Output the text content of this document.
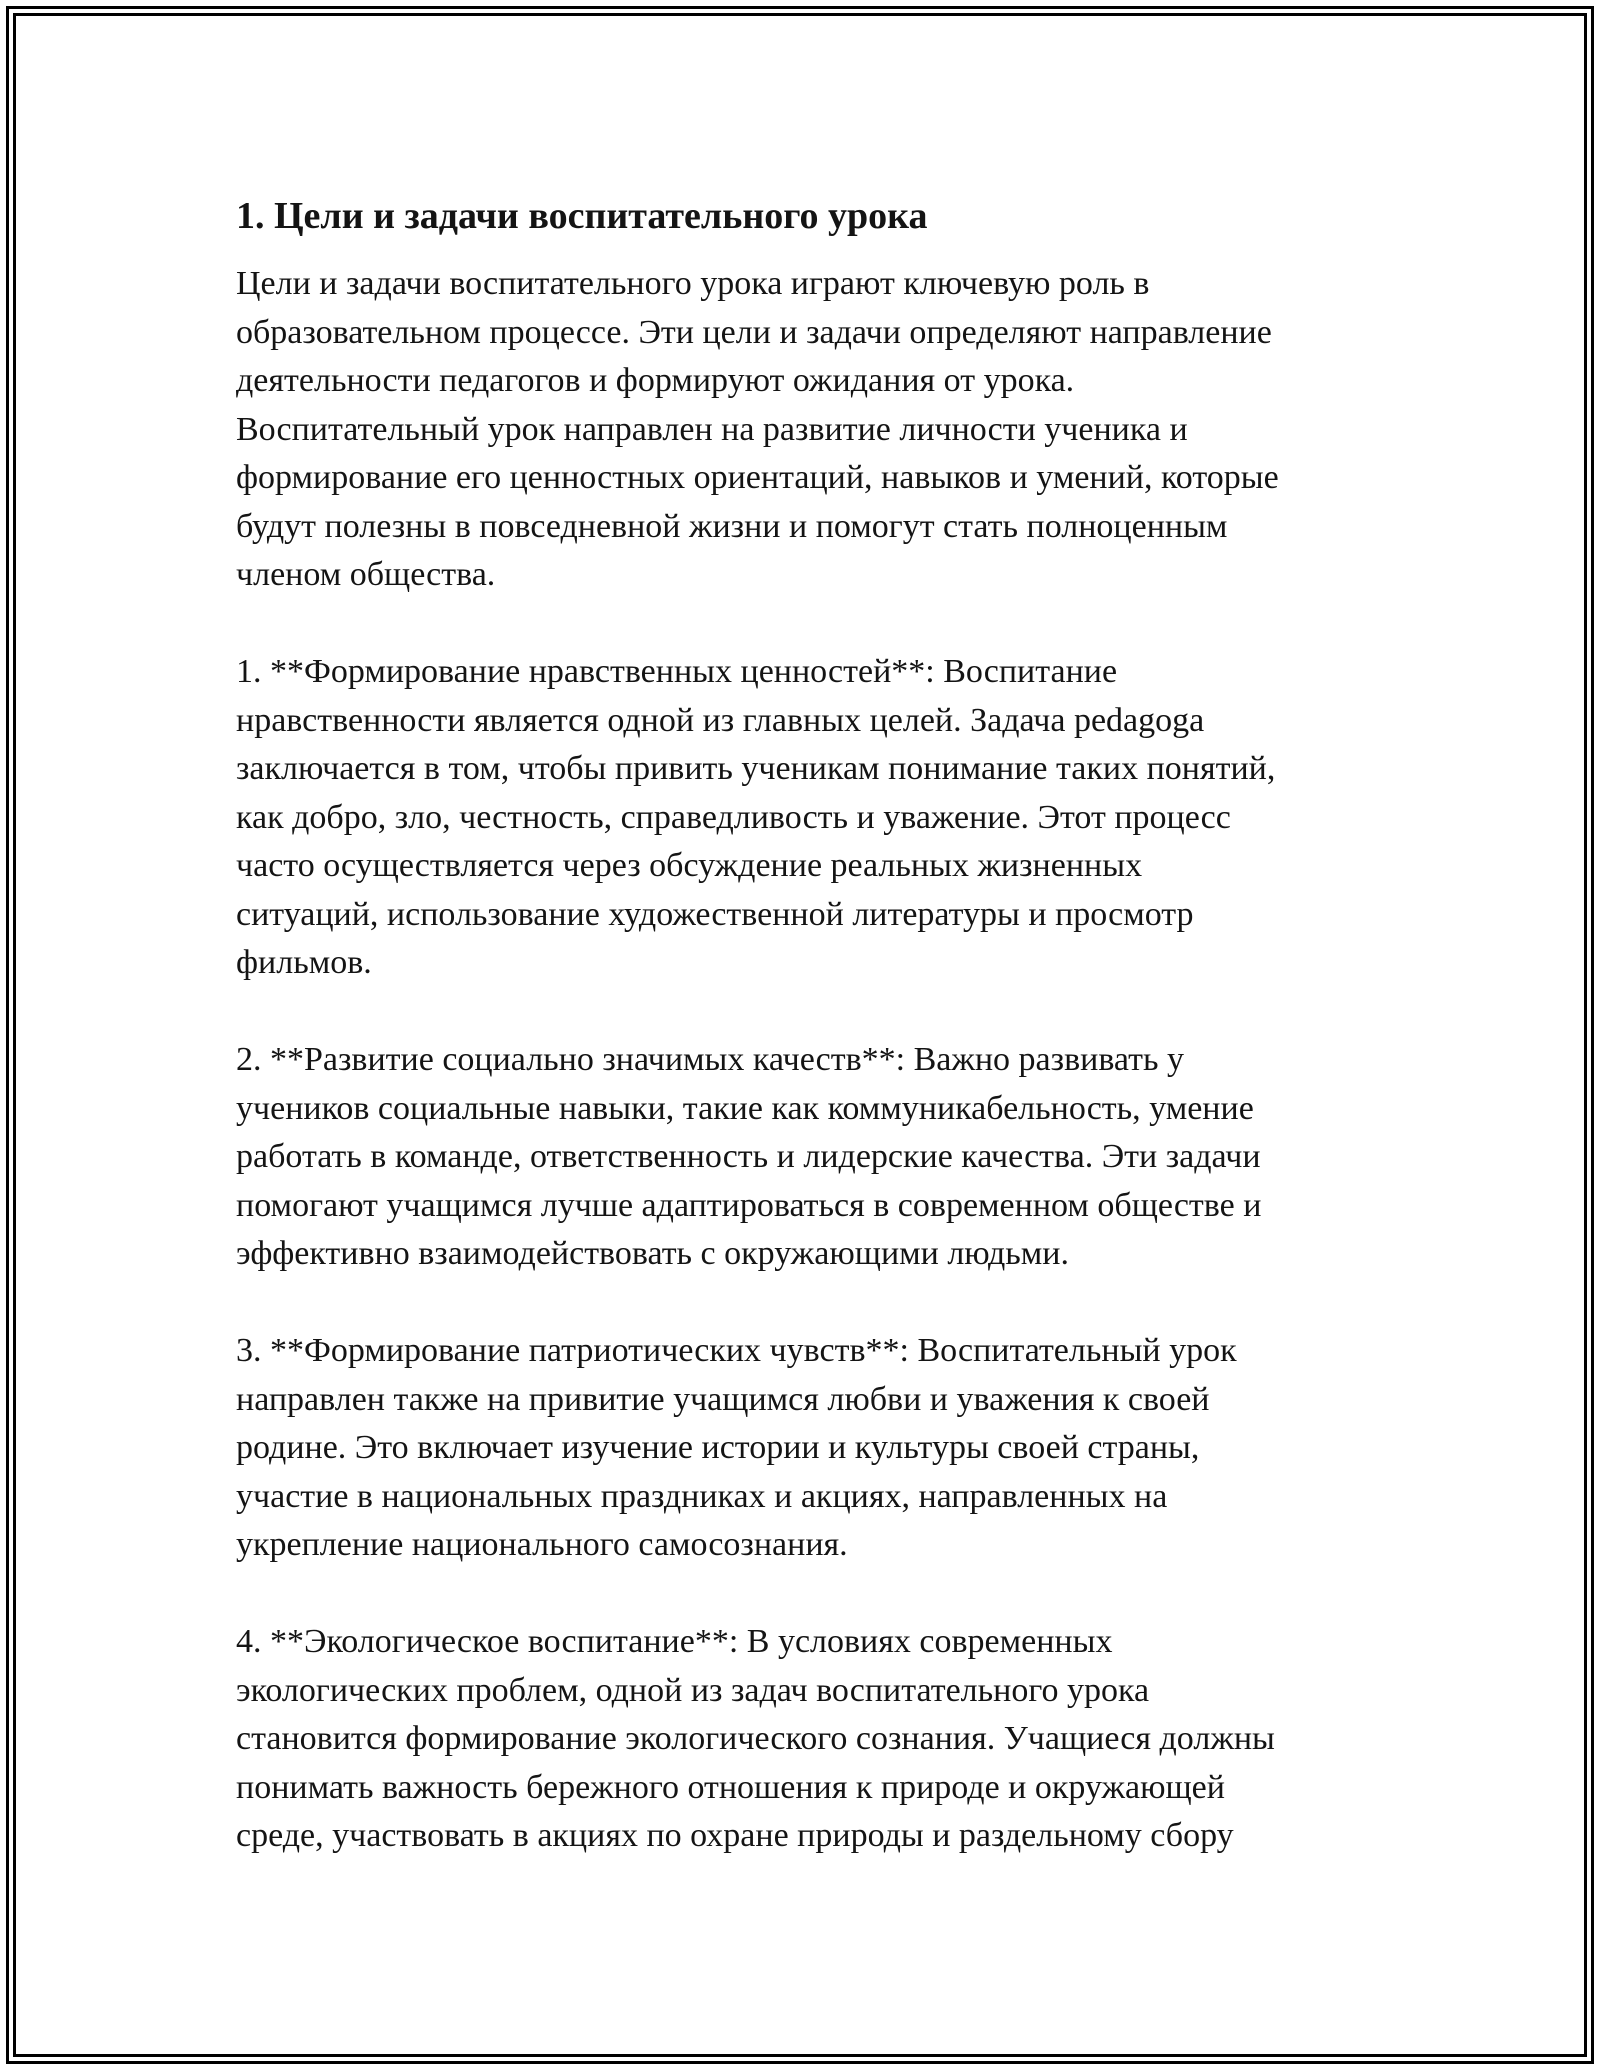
1. Цели и задачи воспитательного урока

Цели и задачи воспитательного урока играют ключевую роль в
образовательном процессе. Эти цели и задачи определяют направление
деятельности педагогов и формируют ожидания от урока.
Воспитательный урок направлен на развитие личности ученика и
формирование его ценностных ориентаций, навыков и умений, которые
будут полезны в повседневной жизни и помогут стать полноценным
членом общества.

1. **Формирование нравственных ценностей**: Воспитание
нравственности является одной из главных целей. Задача pedagoga
заключается в том, чтобы привить ученикам понимание таких понятий,
как добро, зло, честность, справедливость и уважение. Этот процесс
часто осуществляется через обсуждение реальных жизненных
ситуаций, использование художественной литературы и просмотр
фильмов.

2. **Развитие социально значимых качеств**: Важно развивать у
учеников социальные навыки, такие как коммуникабельность, умение
работать в команде, ответственность и лидерские качества. Эти задачи
помогают учащимся лучше адаптироваться в современном обществе и
эффективно взаимодействовать с окружающими людьми.

3. **Формирование патриотических чувств**: Воспитательный урок
направлен также на привитие учащимся любви и уважения к своей
родине. Это включает изучение истории и культуры своей страны,
участие в национальных праздниках и акциях, направленных на
укрепление национального самосознания.

4. **Экологическое воспитание**: В условиях современных
экологических проблем, одной из задач воспитательного урока
становится формирование экологического сознания. Учащиеся должны
понимать важность бережного отношения к природе и окружающей
среде, участвовать в акциях по охране природы и раздельному сбору
